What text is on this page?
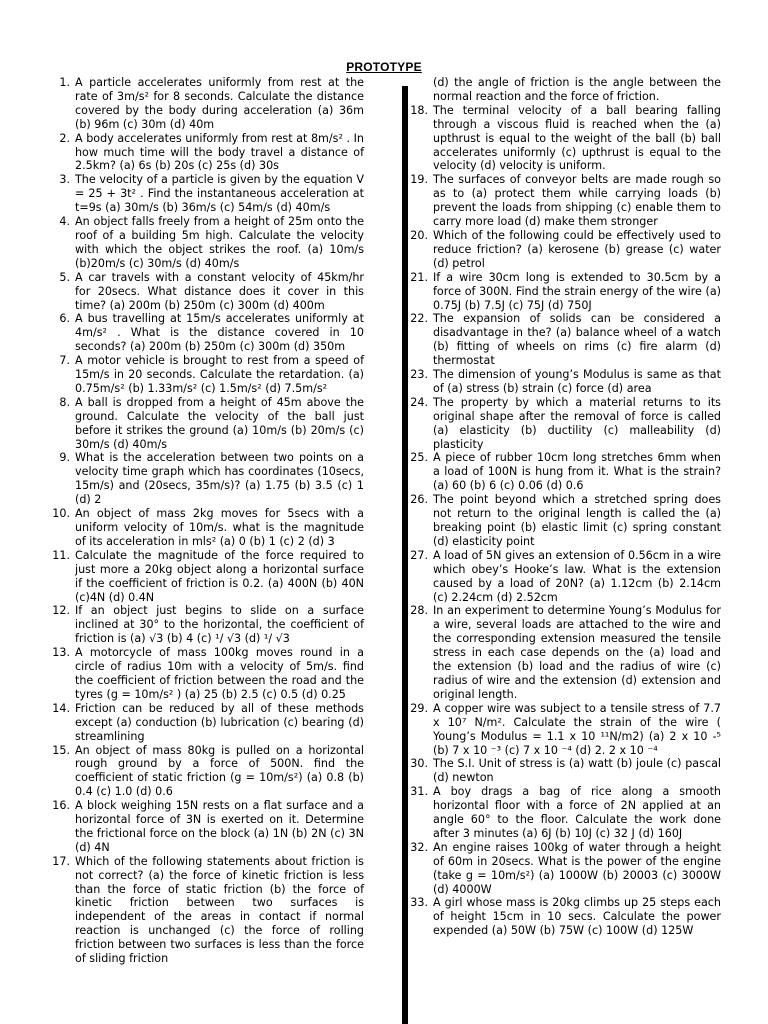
PROTOTYPE
1. A particle accelerates uniformly from rest at the rate of 3m/s² for 8 seconds. Calculate the distance covered by the body during acceleration (a) 36m (b) 96m (c) 30m (d) 40m
2. A body accelerates uniformly from rest at 8m/s² . In how much time will the body travel a distance of 2.5km? (a) 6s (b) 20s (c) 25s (d) 30s
3. The velocity of a particle is given by the equation V = 25 + 3t² . Find the instantaneous acceleration at t=9s (a) 30m/s (b) 36m/s (c) 54m/s (d) 40m/s
4. An object falls freely from a height of 25m onto the roof of a building 5m high. Calculate the velocity with which the object strikes the roof. (a) 10m/s (b)20m/s (c) 30m/s (d) 40m/s
5. A car travels with a constant velocity of 45km/hr for 20secs. What distance does it cover in this time? (a) 200m (b) 250m (c) 300m (d) 400m
6. A bus travelling at 15m/s accelerates uniformly at 4m/s² . What is the distance covered in 10 seconds? (a) 200m (b) 250m (c) 300m (d) 350m
7. A motor vehicle is brought to rest from a speed of 15m/s in 20 seconds. Calculate the retardation. (a) 0.75m/s² (b) 1.33m/s² (c) 1.5m/s² (d) 7.5m/s²
8. A ball is dropped from a height of 45m above the ground. Calculate the velocity of the ball just before it strikes the ground (a) 10m/s (b) 20m/s (c) 30m/s (d) 40m/s
9. What is the acceleration between two points on a velocity time graph which has coordinates (10secs, 15m/s) and (20secs, 35m/s)? (a) 1.75 (b) 3.5 (c) 1 (d) 2
10. An object of mass 2kg moves for 5secs with a uniform velocity of 10m/s. what is the magnitude of its acceleration in mls² (a) 0 (b) 1 (c) 2 (d) 3
11. Calculate the magnitude of the force required to just more a 20kg object along a horizontal surface if the coefficient of friction is 0.2. (a) 400N (b) 40N (c)4N (d) 0.4N
12. If an object just begins to slide on a surface inclined at 30° to the horizontal, the coefficient of friction is (a) √3 (b) 4 (c) ¹/ √3 (d) ¹/ √3
13. A motorcycle of mass 100kg moves round in a circle of radius 10m with a velocity of 5m/s. find the coefficient of friction between the road and the tyres (g = 10m/s² ) (a) 25 (b) 2.5 (c) 0.5 (d) 0.25
14. Friction can be reduced by all of these methods except (a) conduction (b) lubrication (c) bearing (d) streamlining
15. An object of mass 80kg is pulled on a horizontal rough ground by a force of 500N. find the coefficient of static friction (g = 10m/s²) (a) 0.8 (b) 0.4 (c) 1.0 (d) 0.6
16. A block weighing 15N rests on a flat surface and a horizontal force of 3N is exerted on it. Determine the frictional force on the block (a) 1N (b) 2N (c) 3N (d) 4N
17. Which of the following statements about friction is not correct? (a) the force of kinetic friction is less than the force of static friction (b) the force of kinetic friction between two surfaces is independent of the areas in contact if normal reaction is unchanged (c) the force of rolling friction between two surfaces is less than the force of sliding friction
(d) the angle of friction is the angle between the normal reaction and the force of friction.
18. The terminal velocity of a ball bearing falling through a viscous fluid is reached when the (a) upthrust is equal to the weight of the ball (b) ball accelerates uniformly (c) upthrust is equal to the velocity (d) velocity is uniform.
19. The surfaces of conveyor belts are made rough so as to (a) protect them while carrying loads (b) prevent the loads from shipping (c) enable them to carry more load (d) make them stronger
20. Which of the following could be effectively used to reduce friction? (a) kerosene (b) grease (c) water (d) petrol
21. If a wire 30cm long is extended to 30.5cm by a force of 300N. Find the strain energy of the wire (a) 0.75J (b) 7.5J (c) 75J (d) 750J
22. The expansion of solids can be considered a disadvantage in the? (a) balance wheel of a watch (b) fitting of wheels on rims (c) fire alarm (d) thermostat
23. The dimension of young’s Modulus is same as that of (a) stress (b) strain (c) force (d) area
24. The property by which a material returns to its original shape after the removal of force is called (a) elasticity (b) ductility (c) malleability (d) plasticity
25. A piece of rubber 10cm long stretches 6mm when a load of 100N is hung from it. What is the strain? (a) 60 (b) 6 (c) 0.06 (d) 0.6
26. The point beyond which a stretched spring does not return to the original length is called the (a) breaking point (b) elastic limit (c) spring constant (d) elasticity point
27. A load of 5N gives an extension of 0.56cm in a wire which obey’s Hooke’s law. What is the extension caused by a load of 20N? (a) 1.12cm (b) 2.14cm (c) 2.24cm (d) 2.52cm
28. In an experiment to determine Young’s Modulus for a wire, several loads are attached to the wire and the corresponding extension measured the tensile stress in each case depends on the (a) load and the extension (b) load and the radius of wire (c) radius of wire and the extension (d) extension and original length.
29. A copper wire was subject to a tensile stress of 7.7 x 10⁷ N/m². Calculate the strain of the wire ( Young’s Modulus = 1.1 x 10 ¹¹N/m2) (a) 2 x 10 -⁵ (b) 7 x 10 ⁻³ (c) 7 x 10 ⁻⁴ (d) 2. 2 x 10 ⁻⁴
30. The S.I. Unit of stress is (a) watt (b) joule (c) pascal (d) newton
31. A boy drags a bag of rice along a smooth horizontal floor with a force of 2N applied at an angle 60° to the floor. Calculate the work done after 3 minutes (a) 6J (b) 10J (c) 32 J (d) 160J
32. An engine raises 100kg of water through a height of 60m in 20secs. What is the power of the engine (take g = 10m/s²) (a) 1000W (b) 20003 (c) 3000W (d) 4000W
33. A girl whose mass is 20kg climbs up 25 steps each of height 15cm in 10 secs. Calculate the power expended (a) 50W (b) 75W (c) 100W (d) 125W
